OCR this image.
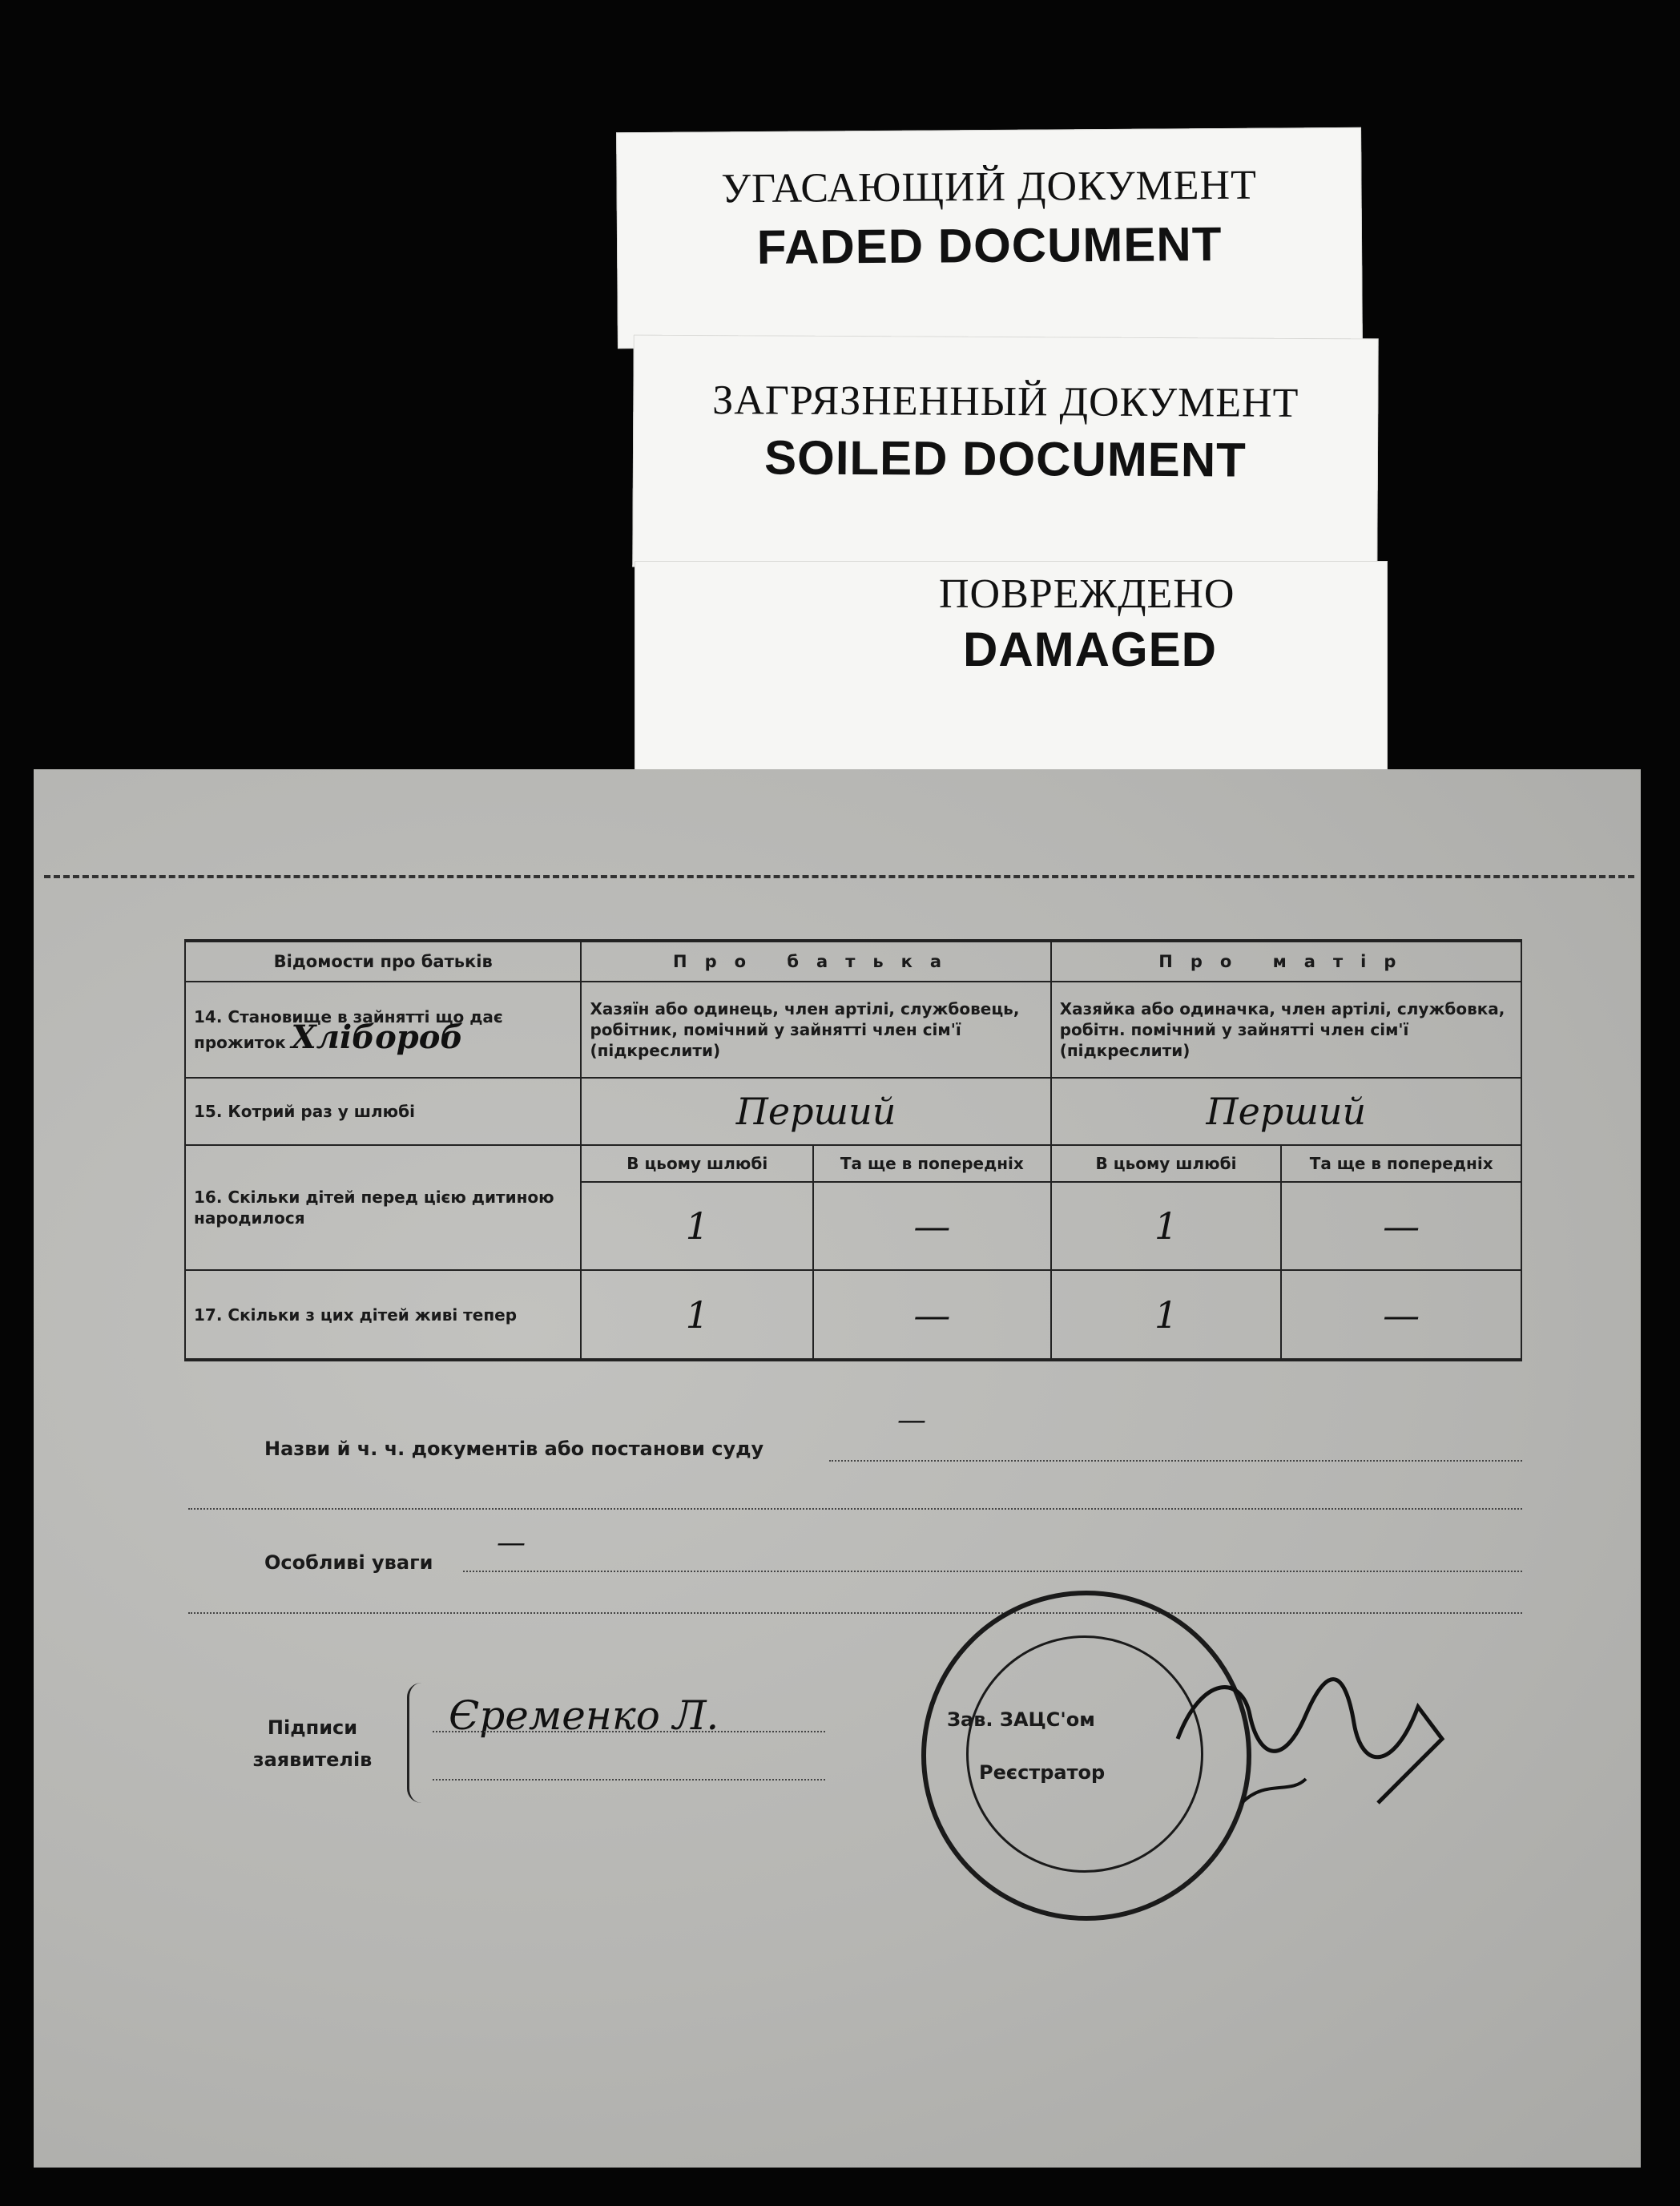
УГАСАЮЩИЙ ДОКУМЕНТ
FADED DOCUMENT
ЗАГРЯЗНЕННЫЙ ДОКУМЕНТ
SOILED DOCUMENT
ПОВРЕЖДЕНО
DAMAGED
Відомости про батьків	Про батька		Про матір	
14. Становище в зайнятті що дає прожиток Хлібороб	Хазяїн або одинець, член артілі, службовець, робітник, помічний у зайнятті член сім'ї (підкреслити)		Хазяйка або одиначка, член артілі, службовка, робітн. помічний у зайнятті член сім'ї (підкреслити)	
15. Котрий раз у шлюбі	Перший		Перший	
16. Скільки дітей перед цією дитиною народилося	В цьому шлюбі	Та ще в попередніх	В цьому шлюбі	Та ще в попередніх
	1	—	1	—
17. Скільки з цих дітей живі тепер	1	—	1	—
Назви й ч. ч. документів або постанови суду
—
Особливі уваги
—
Підписи заявителів
Єременко Л.	Зав. ЗАЦС'ом
Реєстратор
